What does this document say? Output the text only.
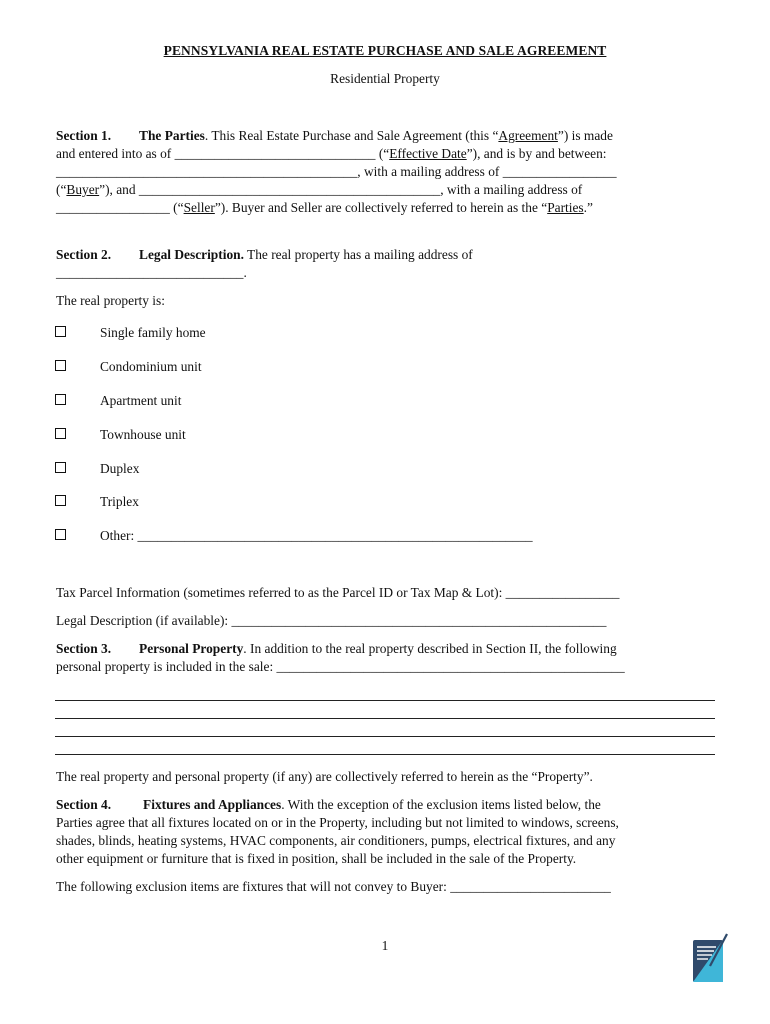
PENNSYLVANIA REAL ESTATE PURCHASE AND SALE AGREEMENT
Residential Property
Section 1. The Parties. This Real Estate Purchase and Sale Agreement (this “Agreement”) is made
and entered into as of ______________________________ (“Effective Date”), and is by and between:
_____________________________________________, with a mailing address of _________________
(“Buyer”), and _____________________________________________, with a mailing address of
_________________ (“Seller”). Buyer and Seller are collectively referred to herein as the “Parties.”
Section 2. Legal Description. The real property has a mailing address of
____________________________.
The real property is:
Single family home
Condominium unit
Apartment unit
Townhouse unit
Duplex
Triplex
Other: ___________________________________________________________
Tax Parcel Information (sometimes referred to as the Parcel ID or Tax Map & Lot): _________________
Legal Description (if available): ________________________________________________________
Section 3. Personal Property. In addition to the real property described in Section II, the following
personal property is included in the sale: ____________________________________________________
The real property and personal property (if any) are collectively referred to herein as the “Property”.
Section 4. Fixtures and Appliances. With the exception of the exclusion items listed below, the
Parties agree that all fixtures located on or in the Property, including but not limited to windows, screens,
shades, blinds, heating systems, HVAC components, air conditioners, pumps, electrical fixtures, and any
other equipment or furniture that is fixed in position, shall be included in the sale of the Property.
The following exclusion items are fixtures that will not convey to Buyer: ________________________
1
